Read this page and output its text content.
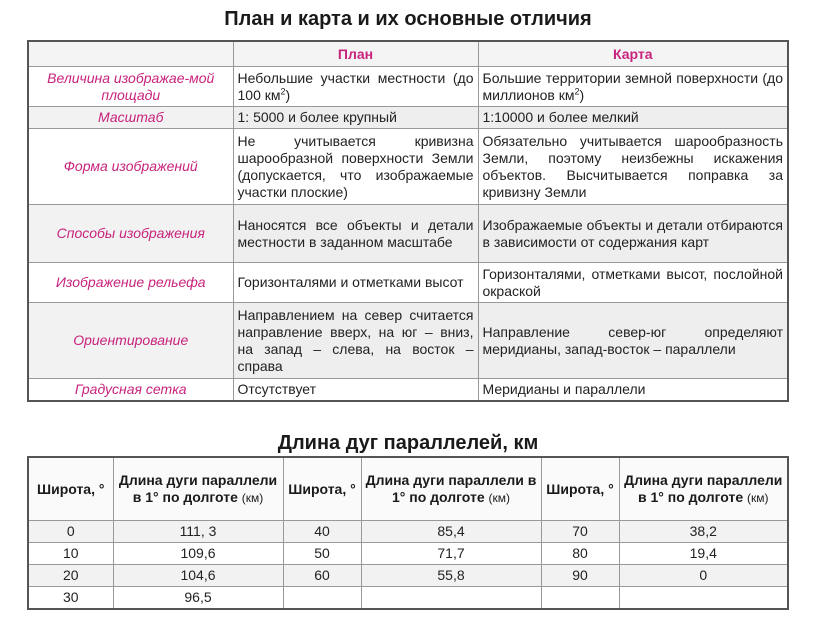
План и карта и их основные отличия
	План	Карта
Величина изображае-мой площади	Небольшие участки местности (до 100 $км^2$)	Большие территории земной поверхности (до миллионов $км^2$)
Масштаб	1: 5000 и более крупный	1:10000 и более мелкий
Форма изображений	Не учитывается кривизна шарообразной поверхности Земли (допускается, что изображаемые участки плоские)	Обязательно учитывается шарообразность Земли, поэтому неизбежны искажения объектов. Высчитывается поправка за кривизну Земли
Способы изображения	Наносятся все объекты и детали местности в заданном масштабе	Изображаемые объекты и детали отбираются в зависимости от содержания карт
Изображение рельефа	Горизонталями и отметками высот	Горизонталями, отметками высот, послойной окраской
Ориентирование	Направлением на север считается направление вверх, на юг – вниз, на запад – слева, на восток – справа	Направление север-юг определяют меридианы, запад-восток – параллели
Градусная сетка	Отсутствует	Меридианы и параллели
Длина дуг параллелей, км
Широта, °	Длина дуги параллели в 1° по долготе (км)	Широта, °	Длина дуги параллели в 1° по долготе (км)	Широта, °	Длина дуги параллели в 1° по долготе (км)
0	111, 3	40	85,4	70	38,2
10	109,6	50	71,7	80	19,4
20	104,6	60	55,8	90	0
30	96,5				
